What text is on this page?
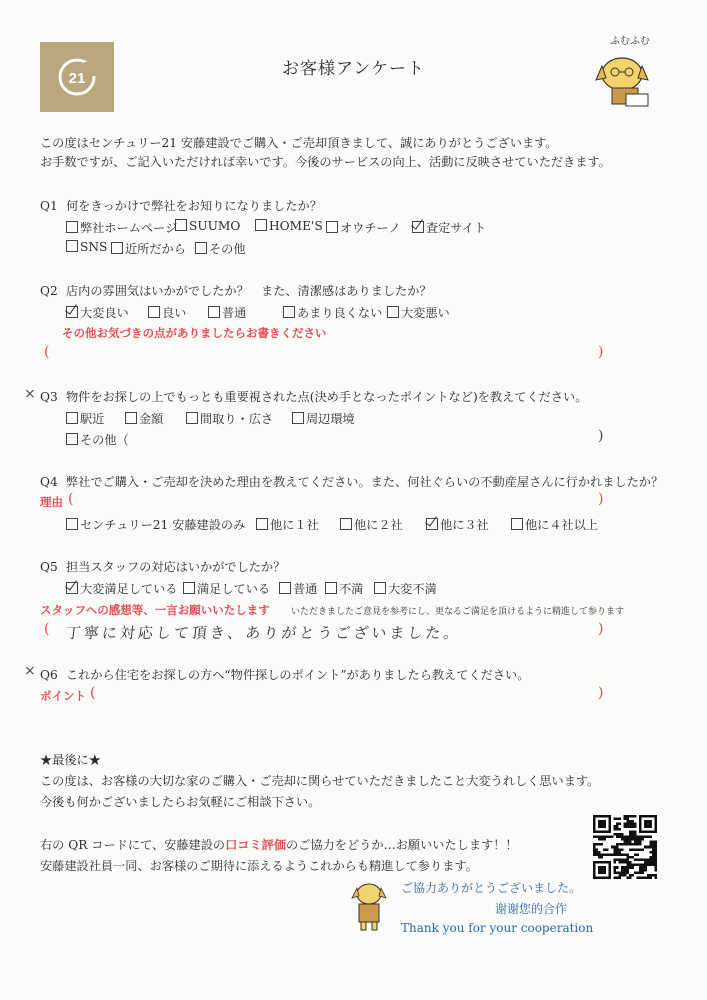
21	お客様アンケート
ふむふむ
この度はセンチュリー21 安藤建設でご購入・ご売却頂きまして、誠にありがとうございます。
お手数ですが、ご記入いただければ幸いです。今後のサービスの向上、活動に反映させていただきます。
Q1 何をきっかけで弊社をお知りになりましたか？
弊社ホームページ SUUMO	HOME'S	オウチーノ	査定サイト
SNS	近所だから	その他
Q2 店内の雰囲気はいかがでしたか？　また、清潔感はありましたか？
大変良い	良い	普通	あまり良くない	大変悪い
その他お気づきの点がありましたらお書きください
(	)
× Q3 物件をお探しの上でもっとも重要視された点(決め手となったポイントなど)を教えてください。
駅近	金額	間取り・広さ	周辺環境
その他（	)
Q4 弊社でご購入・ご売却を決めた理由を教えてください。また、何社ぐらいの不動産屋さんに行かれましたか？
理由 (	)
センチュリー21 安藤建設のみ	他に１社	他に２社	他に３社	他に４社以上
Q5 担当スタッフの対応はいかがでしたか？
大変満足している	満足している	普通	不満	大変不満
スタッフへの感想等、一言お願いいたします いただきましたご意見を参考にし、更なるご満足を頂けるように精進して参ります
( 丁寧に対応して頂き、ありがとうございました。	)
× Q6 これから住宅をお探しの方へ“物件探しのポイント”がありましたら教えてください。
ポイント (	)
★最後に★
この度は、お客様の大切な家のご購入・ご売却に関らせていただきましたこと大変うれしく思います。
今後も何かございましたらお気軽にご相談下さい。
右の QR コードにて、安藤建設の口コミ評価のご協力をどうか…お願いいたします！！
安藤建設社員一同、お客様のご期待に添えるようこれからも精進して参ります。
ご協力ありがとうございました。
谢谢您的合作
Thank you for your cooperation
